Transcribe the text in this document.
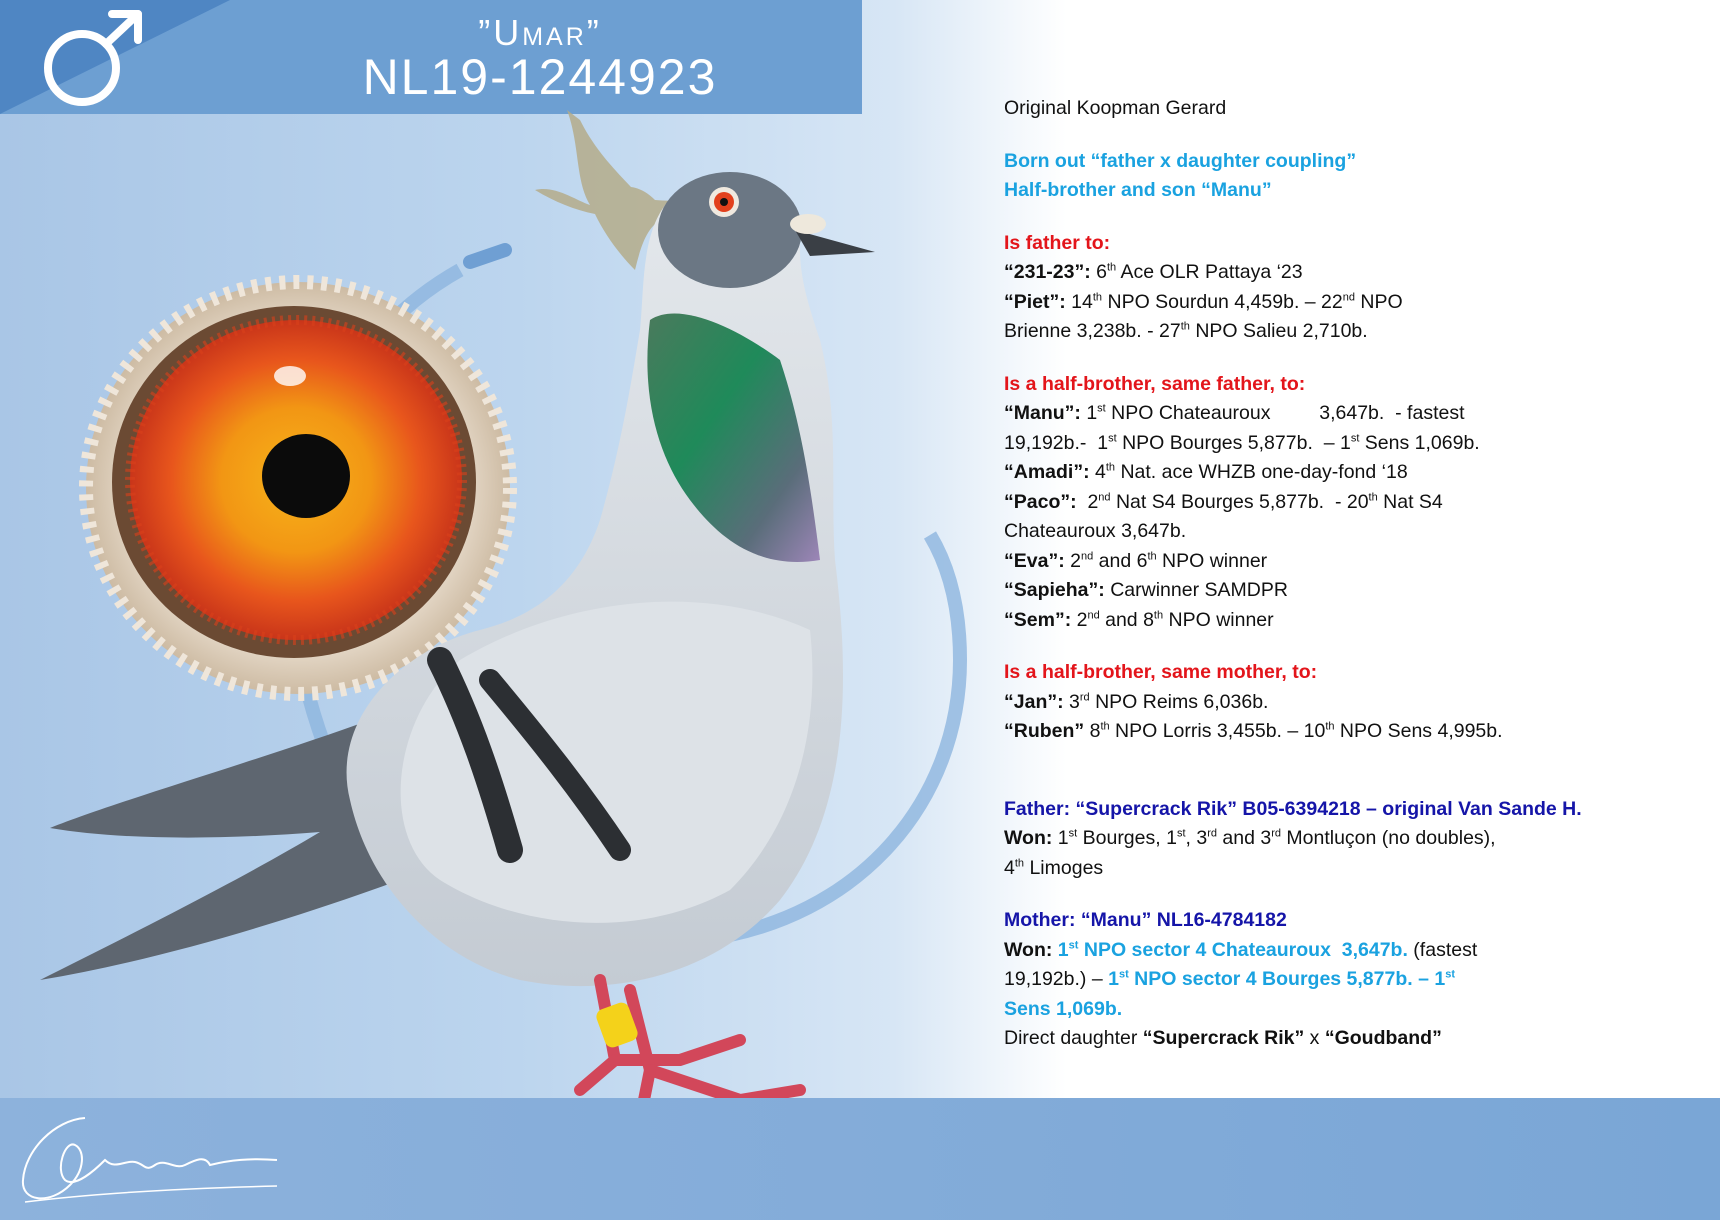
”Umar”
NL19-1244923

Original Koopman Gerard

Born out “father x daughter coupling”

Half-brother and son “Manu”

Is father to:

“231-23”: 6th Ace OLR Pattaya ‘23

“Piet”: 14th NPO Sourdun 4,459b. – 22nd NPO
Brienne 3,238b. - 27th NPO Salieu 2,710b.

Is a half-brother, same father, to:

“Manu”: 1st NPO Chateauroux         3,647b.  - fastest
19,192b.-  1st NPO Bourges 5,877b.  – 1st Sens 1,069b.

“Amadi”: 4th Nat. ace WHZB one-day-fond ‘18

“Paco”:  2nd Nat S4 Bourges 5,877b.  - 20th Nat S4
Chateauroux 3,647b.

“Eva”: 2nd and 6th NPO winner

“Sapieha”: Carwinner SAMDPR

“Sem”: 2nd and 8th NPO winner

Is a half-brother, same mother, to:

“Jan”: 3rd NPO Reims 6,036b.

“Ruben” 8th NPO Lorris 3,455b. – 10th NPO Sens 4,995b.

Father: “Supercrack Rik” B05-6394218 – original Van Sande H.

Won: 1st Bourges, 1st, 3rd and 3rd Montluçon (no doubles),
4th Limoges

Mother: “Manu” NL16-4784182

Won: 1st NPO sector 4 Chateauroux  3,647b. (fastest
19,192b.) – 1st NPO sector 4 Bourges 5,877b. – 1st
Sens 1,069b.

Direct daughter “Supercrack Rik” x “Goudband”
